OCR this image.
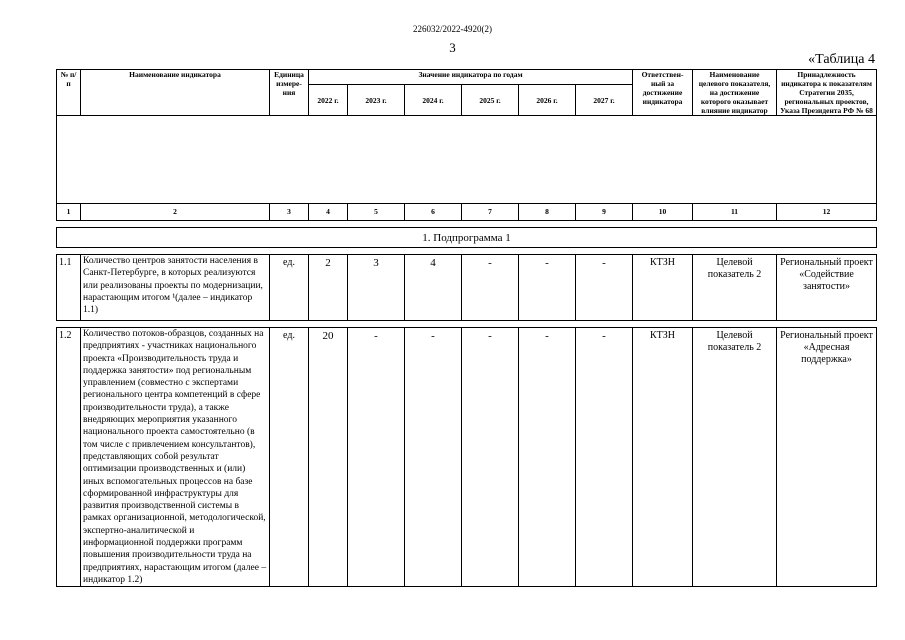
226032/2022-4920(2)
3
«Таблица 4
№ п/п	Наименование индикатора	Единица измере-ния	Значение индикатора по годам						Ответствен-ный за достижение индикатора	Наименование целевого показателя, на достижение которого оказывает влияние индикатор	Принадлежность индикатора к показателям Стратегии 2035, региональных проектов, Указа Президента РФ № 68
			2022 г.	2023 г.	2024 г.	2025 г.	2026 г.	2027 г.			

1	2	3	4	5	6	7	8	9	10	11	12

1. Подпрограмма 1											

1.1	Количество центров занятости населения в Санкт-Петербурге, в которых реализуются или реализованы проекты по модернизации, нарастающим итогом ¹(далее – индикатор 1.1)	ед.	2	3	4	-	-	-	КТЗН	Целевой показатель 2	Региональный проект «Содействие занятости»

1.2	Количество потоков-образцов, созданных на предприятиях - участниках национального проекта «Производительность труда и поддержка занятости» под региональным управлением (совместно с экспертами регионального центра компетенций в сфере производительности труда), а также внедряющих мероприятия указанного национального проекта самостоятельно (в том числе с привлечением консультантов), представляющих собой результат оптимизации производственных и (или) иных вспомогательных процессов на базе сформированной инфраструктуры для развития производственной системы в рамках организационной, методологической, экспертно-аналитической и информационной поддержки программ повышения производительности труда на предприятиях, нарастающим итогом (далее – индикатор 1.2)	ед.	20	-	-	-	-	-	КТЗН	Целевой показатель 2	Региональный проект «Адресная поддержка»
